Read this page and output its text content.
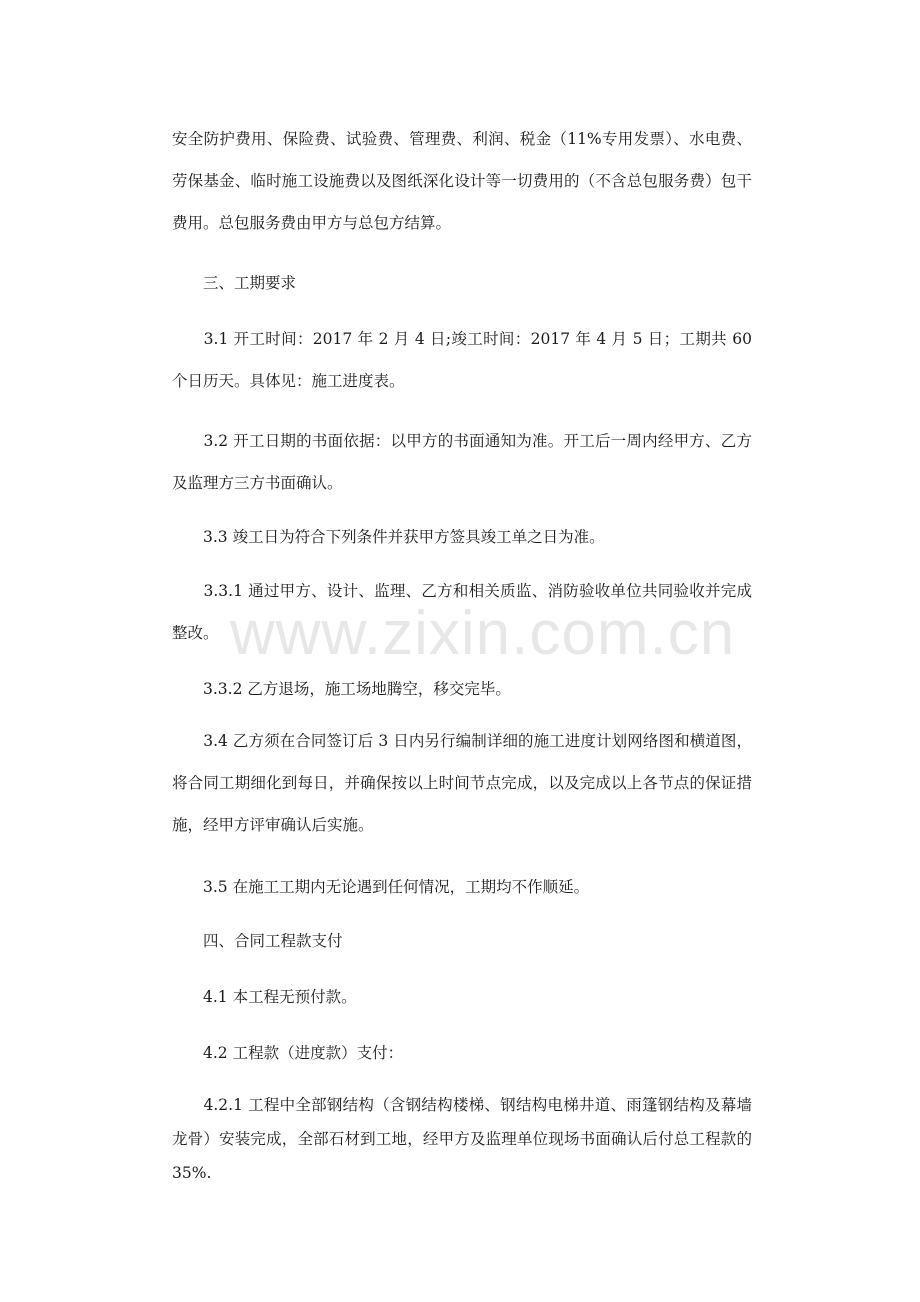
安全防护费用、保险费、试验费、管理费、利润、税金（11%专用发票）、水电费、劳保基金、临时施工设施费以及图纸深化设计等一切费用的（不含总包服务费）包干费用。总包服务费由甲方与总包方结算。

　　三、工期要求

　　3.1 开工时间：2017 年 2 月 4 日;竣工时间：2017 年 4 月 5 日；工期共 60 个日历天。具体见：施工进度表。

　　3.2 开工日期的书面依据：以甲方的书面通知为准。开工后一周内经甲方、乙方及监理方三方书面确认。

　　3.3 竣工日为符合下列条件并获甲方签具竣工单之日为准。

　　3.3.1 通过甲方、设计、监理、乙方和相关质监、消防验收单位共同验收并完成整改。

　　3.3.2 乙方退场，施工场地腾空，移交完毕。

　　3.4 乙方须在合同签订后 3 日内另行编制详细的施工进度计划网络图和横道图，将合同工期细化到每日，并确保按以上时间节点完成，以及完成以上各节点的保证措施，经甲方评审确认后实施。

　　3.5 在施工工期内无论遇到任何情况，工期均不作顺延。

　　四、合同工程款支付

　　4.1 本工程无预付款。

　　4.2 工程款（进度款）支付：

　　4.2.1 工程中全部钢结构（含钢结构楼梯、钢结构电梯井道、雨篷钢结构及幕墙龙骨）安装完成，全部石材到工地，经甲方及监理单位现场书面确认后付总工程款的 35%.

www.zixin.com.cn
